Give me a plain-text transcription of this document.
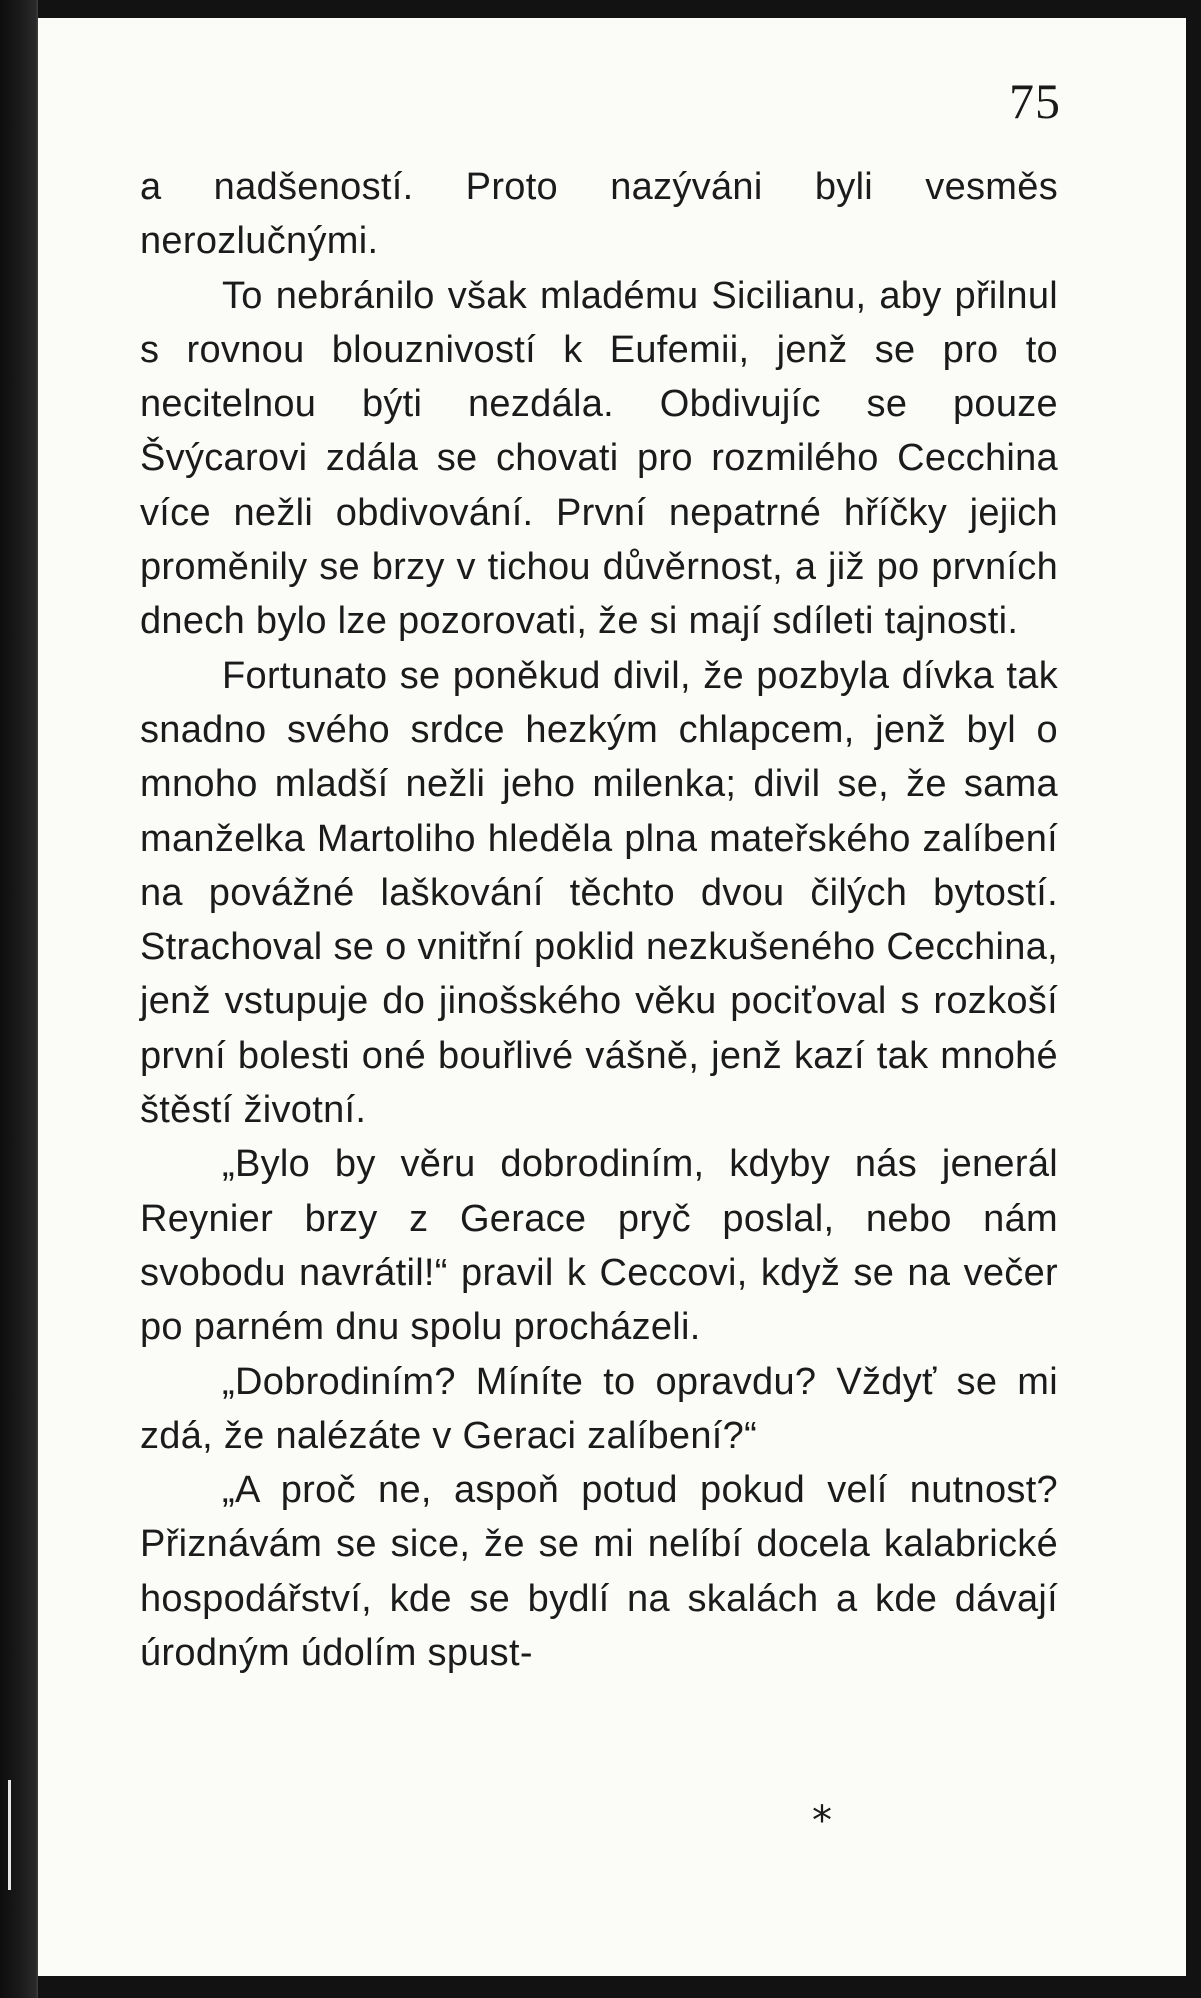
75

a nadšeností. Proto nazýváni byli vesměs nerozlučnými.

To nebránilo však mladému Sicilianu, aby přilnul s rovnou blouznivostí k Eufemii, jenž se pro to necitelnou býti nezdála. Obdivujíc se pouze Švýcarovi zdála se chovati pro rozmilého Cecchina více nežli obdivování. První nepatrné hříčky jejich proměnily se brzy v tichou důvěrnost, a již po prvních dnech bylo lze pozorovati, že si mají sdíleti tajnosti.

Fortunato se poněkud divil, že pozbyla dívka tak snadno svého srdce hezkým chlapcem, jenž byl o mnoho mladší nežli jeho milenka; divil se, že sama manželka Martoliho hleděla plna mateřského zalíbení na povážné laškování těchto dvou čilých bytostí. Strachoval se o vnitřní poklid nezkušeného Cecchina, jenž vstupuje do jinošského věku pociťoval s rozkoší první bolesti oné bouřlivé vášně, jenž kazí tak mnohé štěstí životní.

„Bylo by věru dobrodiním, kdyby nás jenerál Reynier brzy z Gerace pryč poslal, nebo nám svobodu navrátil!“ pravil k Ceccovi, když se na večer po parném dnu spolu procházeli.

„Dobrodiním? Míníte to opravdu? Vždyť se mi zdá, že nalézáte v Geraci zalíbení?“

„A proč ne, aspoň potud pokud velí nutnost? Přiznávám se sice, že se mi nelíbí docela kalabrické hospodářství, kde se bydlí na skalách a kde dávají úrodným údolím spust-

*
